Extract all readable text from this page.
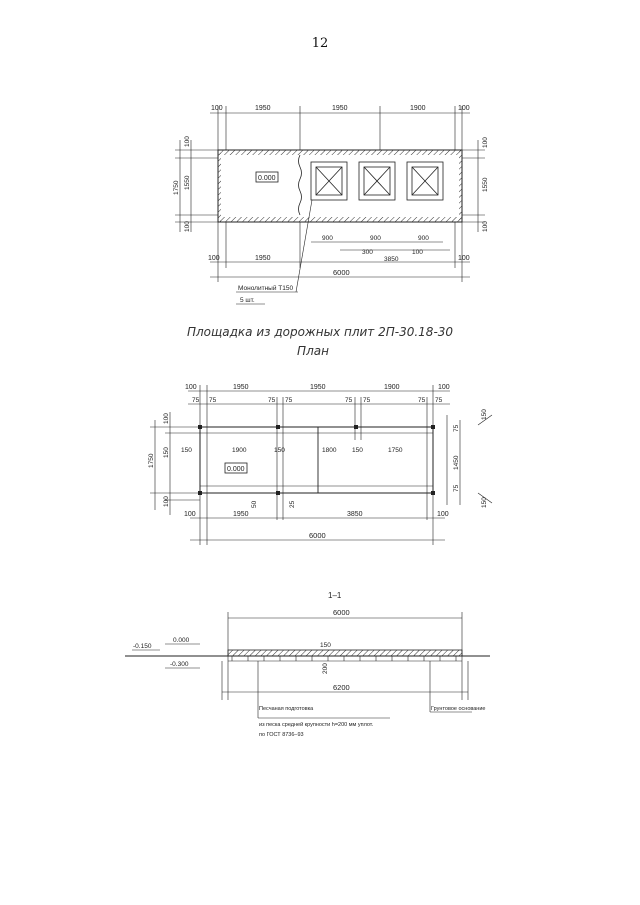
12
100	1950	1950	1900	100
100
1550
1750
100
100
1550
100
0.000
900	900	900
300
3850
100
100	1950	100
6000
Монолитный Т150
5 шт.
Площадка из дорожных плит 2П-30.18-30
План
100	1950	1950	1900	100
75 75	75 75	75 75	75 75
100
150
1750
100
1900	150	1800 150	1750
150
0.000
150
75
1450
75
150
100	1950	3850	100
50	25
6000
1–1
6000
-0.150
0.000
-0.300
150
200
6200
Песчаная подготовка
из песка средней крупности h=200 мм уплот.
по ГОСТ 8736–93
Грунтовое основание
